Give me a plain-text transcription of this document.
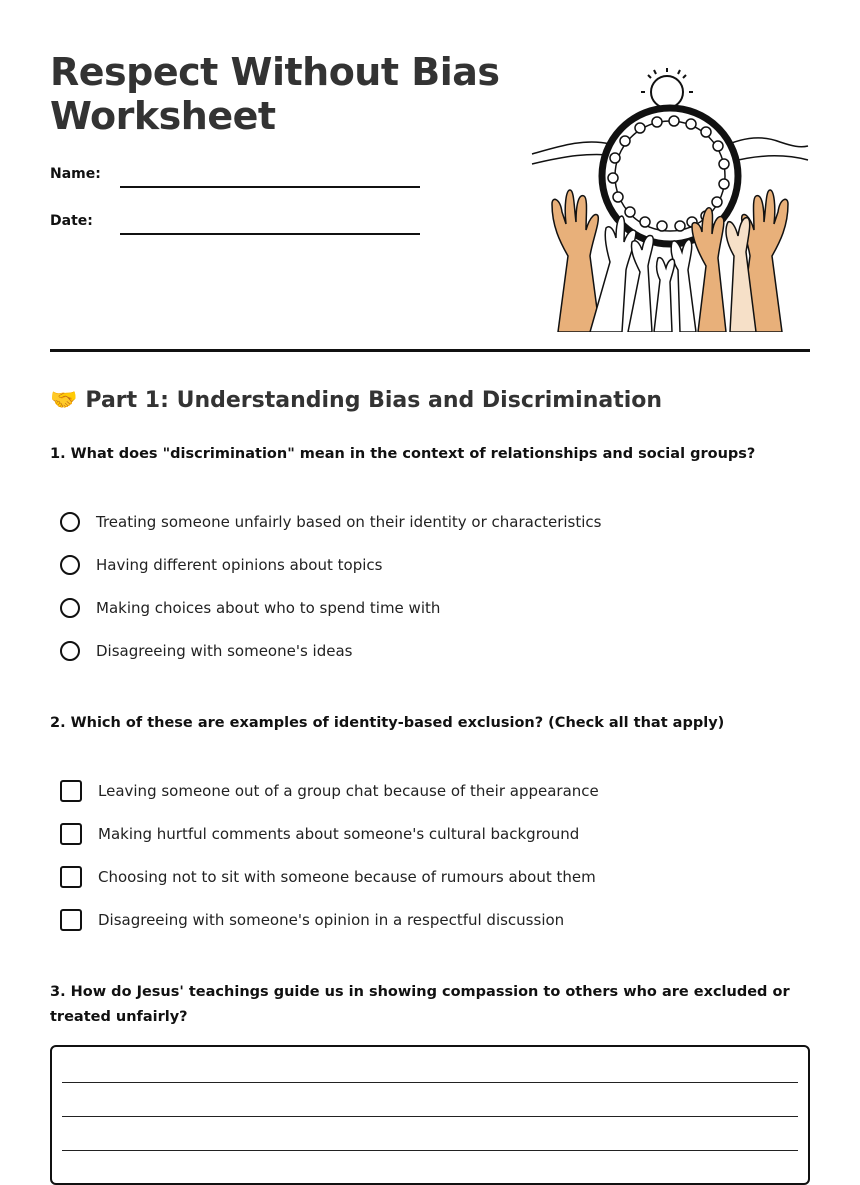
Respect Without Bias
Worksheet
Name:
Date:
🤝 Part 1: Understanding Bias and Discrimination

1. What does "discrimination" mean in the context of relationships and social groups?

Treating someone unfairly based on their identity or characteristics
Having different opinions about topics
Making choices about who to spend time with
Disagreeing with someone's ideas

2. Which of these are examples of identity-based exclusion? (Check all that apply)

Leaving someone out of a group chat because of their appearance
Making hurtful comments about someone's cultural background
Choosing not to sit with someone because of rumours about them
Disagreeing with someone's opinion in a respectful discussion

3. How do Jesus' teachings guide us in showing compassion to others who are excluded or treated unfairly?
